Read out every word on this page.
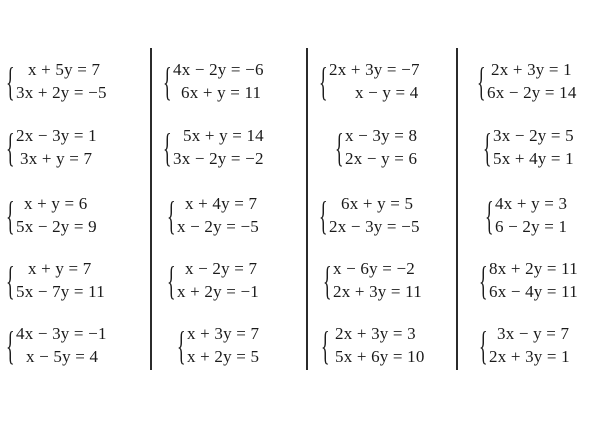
{ x + 5y = 7
3x + 2y = −5
{ 2x − 3y = 1
3x + y = 7
{ x + y = 6
5x − 2y = 9
{ x + y = 7
5x − 7y = 11
{ 4x − 3y = −1
x − 5y = 4
{ 4x − 2y = −6
6x + y = 11
{ 5x + y = 14
3x − 2y = −2
{ x + 4y = 7
x − 2y = −5
{ x − 2y = 7
x + 2y = −1
{ x + 3y = 7
x + 2y = 5
{ 2x + 3y = −7
x − y = 4
{ x − 3y = 8
2x − y = 6
{ 6x + y = 5
2x − 3y = −5
{ x − 6y = −2
2x + 3y = 11
{ 2x + 3y = 3
5x + 6y = 10
{ 2x + 3y = 1
6x − 2y = 14
{ 3x − 2y = 5
5x + 4y = 1
{ 4x + y = 3
6 − 2y = 1
{ 8x + 2y = 11
6x − 4y = 11
{ 3x − y = 7
2x + 3y = 1
